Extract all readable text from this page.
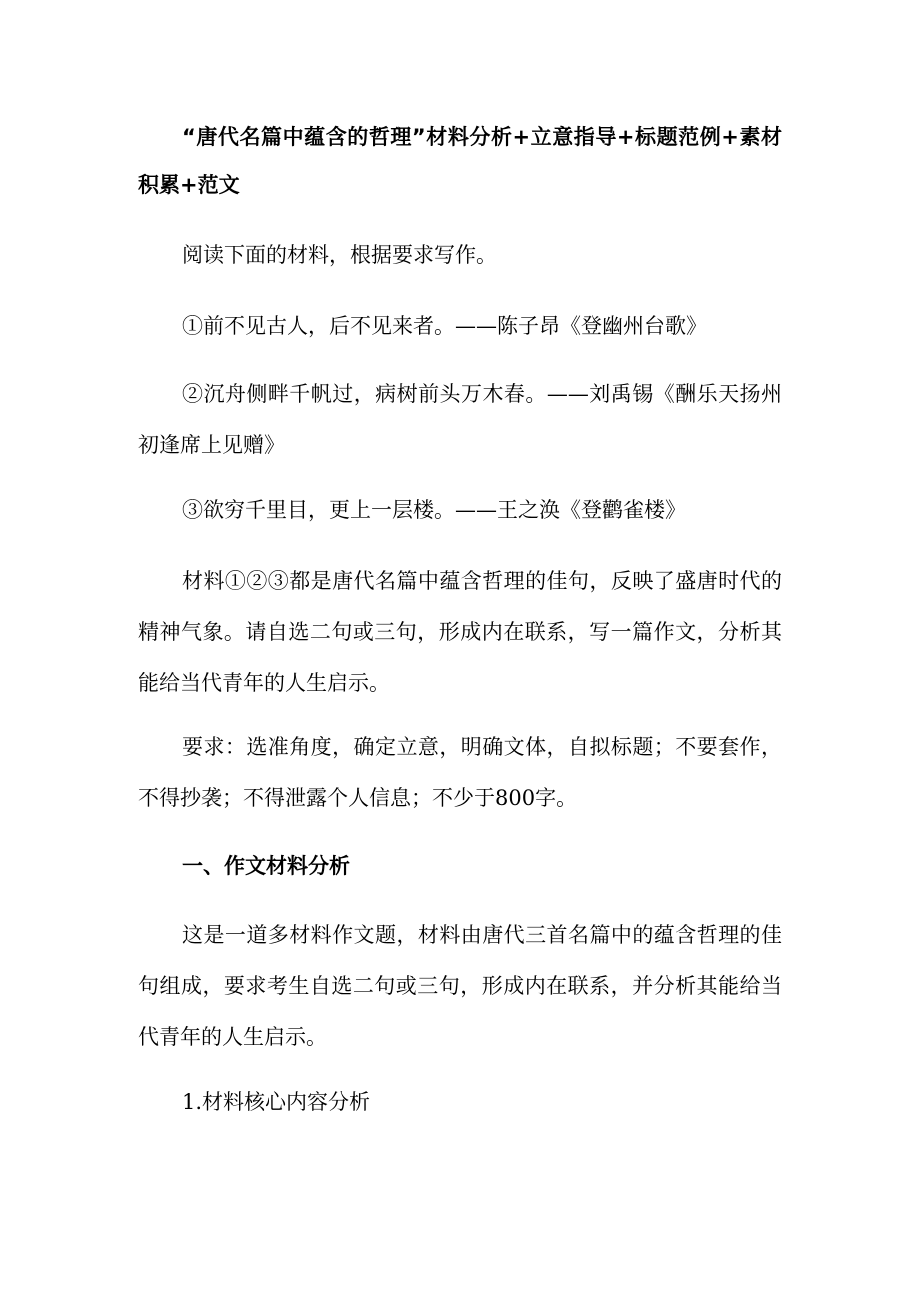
“唐代名篇中蕴含的哲理”材料分析+立意指导+标题范例+素材积累+范文

阅读下面的材料，根据要求写作。

①前不见古人，后不见来者。——陈子昂《登幽州台歌》

②沉舟侧畔千帆过，病树前头万木春。——刘禹锡《酬乐天扬州初逢席上见赠》

③欲穷千里目，更上一层楼。——王之涣《登鹳雀楼》

材料①②③都是唐代名篇中蕴含哲理的佳句，反映了盛唐时代的精神气象。请自选二句或三句，形成内在联系，写一篇作文，分析其能给当代青年的人生启示。

要求：选准角度，确定立意，明确文体，自拟标题；不要套作，不得抄袭；不得泄露个人信息；不少于800字。

一、作文材料分析

这是一道多材料作文题，材料由唐代三首名篇中的蕴含哲理的佳句组成，要求考生自选二句或三句，形成内在联系，并分析其能给当代青年的人生启示。

1.材料核心内容分析
